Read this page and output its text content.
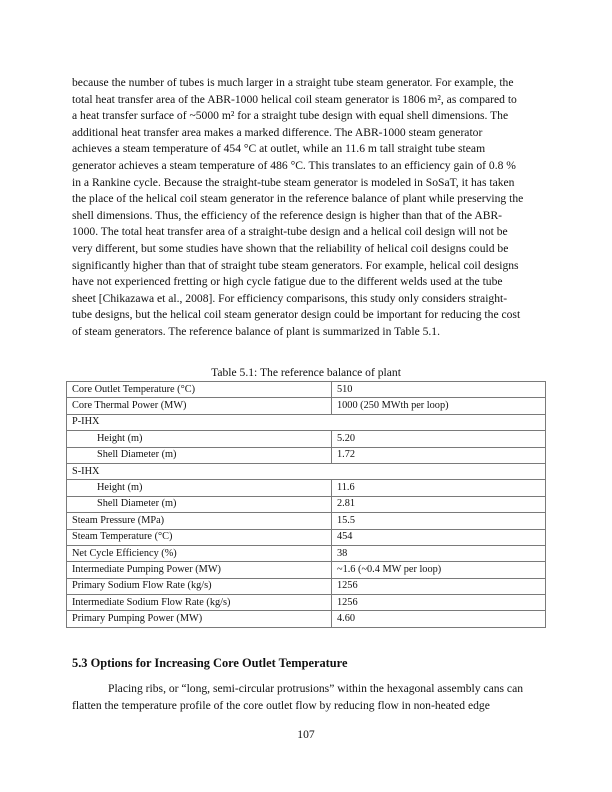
because the number of tubes is much larger in a straight tube steam generator. For example, the
total heat transfer area of the ABR-1000 helical coil steam generator is 1806 m², as compared to
a heat transfer surface of ~5000 m² for a straight tube design with equal shell dimensions. The
additional heat transfer area makes a marked difference. The ABR-1000 steam generator
achieves a steam temperature of 454 °C at outlet, while an 11.6 m tall straight tube steam
generator achieves a steam temperature of 486 °C. This translates to an efficiency gain of 0.8 %
in a Rankine cycle. Because the straight-tube steam generator is modeled in SoSaT, it has taken
the place of the helical coil steam generator in the reference balance of plant while preserving the
shell dimensions. Thus, the efficiency of the reference design is higher than that of the ABR-
1000. The total heat transfer area of a straight-tube design and a helical coil design will not be
very different, but some studies have shown that the reliability of helical coil designs could be
significantly higher than that of straight tube steam generators. For example, helical coil designs
have not experienced fretting or high cycle fatigue due to the different welds used at the tube
sheet [Chikazawa et al., 2008]. For efficiency comparisons, this study only considers straight-
tube designs, but the helical coil steam generator design could be important for reducing the cost
of steam generators. The reference balance of plant is summarized in Table 5.1.
Table 5.1: The reference balance of plant
Core Outlet Temperature (°C)	510
Core Thermal Power (MW)	1000 (250 MWth per loop)
P-IHX	
Height (m)	5.20
Shell Diameter (m)	1.72
S-IHX	
Height (m)	11.6
Shell Diameter (m)	2.81
Steam Pressure (MPa)	15.5
Steam Temperature (°C)	454
Net Cycle Efficiency (%)	38
Intermediate Pumping Power (MW)	~1.6 (~0.4 MW per loop)
Primary Sodium Flow Rate (kg/s)	1256
Intermediate Sodium Flow Rate (kg/s)	1256
Primary Pumping Power (MW)	4.60
5.3 Options for Increasing Core Outlet Temperature
Placing ribs, or “long, semi-circular protrusions” within the hexagonal assembly cans can
flatten the temperature profile of the core outlet flow by reducing flow in non-heated edge
107
